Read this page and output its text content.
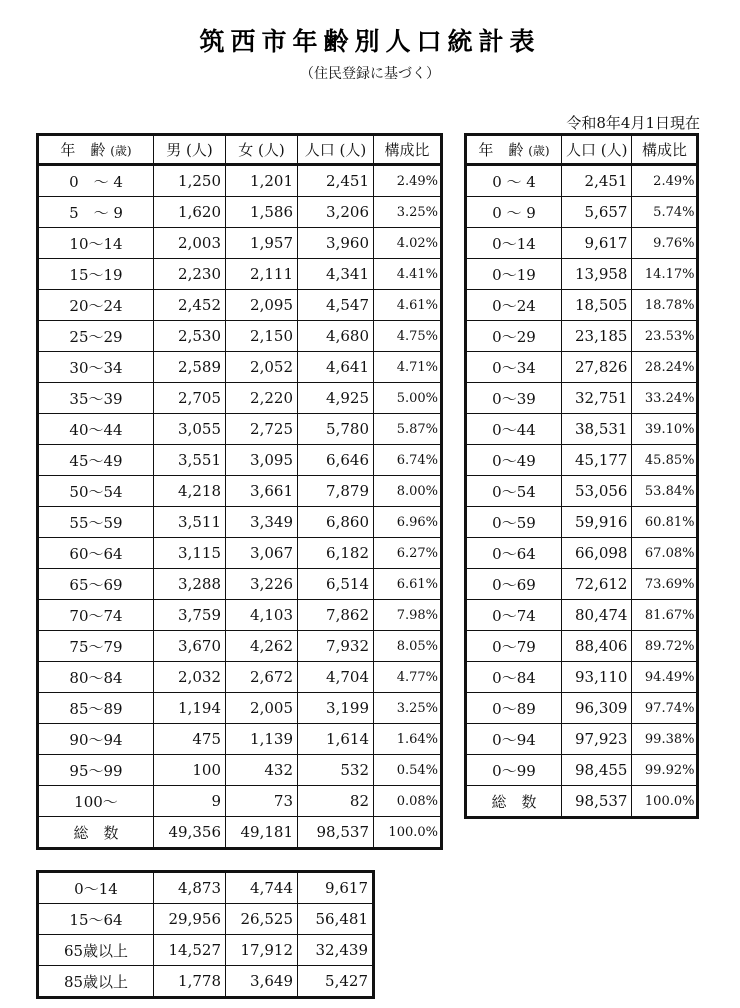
筑西市年齢別人口統計表
（住民登録に基づく）
令和8年4月1日現在
年　齢 (歳)	男 (人)	女 (人)	人口 (人)	構成比
0　～ 4	1,250	1,201	2,451	2.49%
5　～ 9	1,620	1,586	3,206	3.25%
10～14	2,003	1,957	3,960	4.02%
15～19	2,230	2,111	4,341	4.41%
20～24	2,452	2,095	4,547	4.61%
25～29	2,530	2,150	4,680	4.75%
30～34	2,589	2,052	4,641	4.71%
35～39	2,705	2,220	4,925	5.00%
40～44	3,055	2,725	5,780	5.87%
45～49	3,551	3,095	6,646	6.74%
50～54	4,218	3,661	7,879	8.00%
55～59	3,511	3,349	6,860	6.96%
60～64	3,115	3,067	6,182	6.27%
65～69	3,288	3,226	6,514	6.61%
70～74	3,759	4,103	7,862	7.98%
75～79	3,670	4,262	7,932	8.05%
80～84	2,032	2,672	4,704	4.77%
85～89	1,194	2,005	3,199	3.25%
90～94	475	1,139	1,614	1.64%
95～99	100	432	532	0.54%
100～	9	73	82	0.08%
総　数	49,356	49,181	98,537	100.0%
年　齢 (歳)	人口 (人)	構成比
0 ～ 4	2,451	2.49%
0 ～ 9	5,657	5.74%
0～14	9,617	9.76%
0～19	13,958	14.17%
0～24	18,505	18.78%
0～29	23,185	23.53%
0～34	27,826	28.24%
0～39	32,751	33.24%
0～44	38,531	39.10%
0～49	45,177	45.85%
0～54	53,056	53.84%
0～59	59,916	60.81%
0～64	66,098	67.08%
0～69	72,612	73.69%
0～74	80,474	81.67%
0～79	88,406	89.72%
0～84	93,110	94.49%
0～89	96,309	97.74%
0～94	97,923	99.38%
0～99	98,455	99.92%
総　数	98,537	100.0%
0～14	4,873	4,744	9,617
15～64	29,956	26,525	56,481
65歳以上	14,527	17,912	32,439
85歳以上	1,778	3,649	5,427
